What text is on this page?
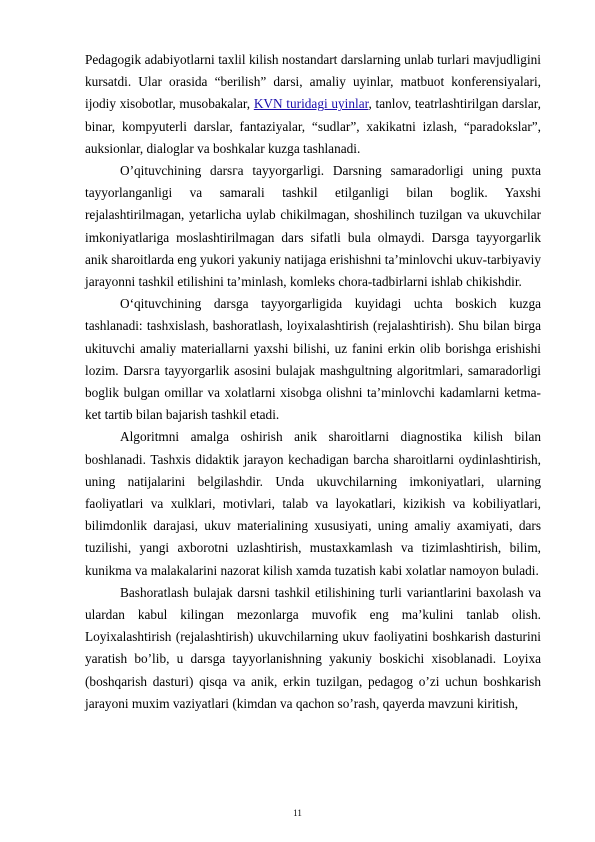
Pedagogik adabiyotlarni taxlil kilish nostandart darslarning unlab turlari mavjudligini kursatdi. Ular orasida “berilish” darsi, amaliy uyinlar, matbuot konferensiyalari, ijodiy xisobotlar, musobakalar, KVN turidagi uyinlar, tanlov, teatrlashtirilgan darslar, binar, kompyuterli darslar, fantaziyalar, “sudlar”, xakikatni izlash, “paradokslar”, auksionlar, dialoglar va boshkalar kuzga tashlanadi.

O’qituvchining darsгa tayyorgarligi. Darsning samaradorligi uning puxta tayyorlanganligi va samarali tashkil etilganligi bilan boglik. Yaxshi rejalashtirilmagan, yetarlicha uylab chikilmagan, shoshilinch tuzilgan va ukuvchilar imkoniyatlariga moslashtirilmagan dars sifatli bula olmaydi. Darsga tayyorgarlik anik sharoitlarda eng yukori yakuniy natijaga erishishni ta’minlovchi ukuv-tarbiyaviy jarayonni tashkil etilishini ta’minlash, komleks chora-tadbirlarni ishlab chikishdir.

O‘qituvchining darsga tayyorgarligida kuyidagi uchta boskich kuzga tashlanadi: tashxislash, bashoratlash, loyixalashtirish (rejalashtirish). Shu bilan birga ukituvchi amaliy materiallarni yaxshi bilishi, uz fanini erkin olib borishga erishishi lozim. Darsгa tayyorgarlik asosini bulajak mashgultning algoritmlari, samaradorligi boglik bulgan omillar va xolatlarni xisobga olishni ta’minlovchi kadamlarni ketma-ket tartib bilan bajarish tashkil etadi.

Algoritmni amalga oshirish anik sharoitlarni diagnostika kilish bilan boshlanadi. Tashxis didaktik jarayon kechadigan barcha sharoitlarni oydinlashtirish, uning natijalarini belgilashdir. Unda ukuvchilarning imkoniyatlari, ularning faoliyatlari va xulklari, motivlari, talab va layokatlari, kizikish va kobiliyatlari, bilimdonlik darajasi, ukuv materialining xususiyati, uning amaliy axamiyati, dars tuzilishi, yangi axborotni uzlashtirish, mustaxkamlash va tizimlashtirish, bilim, kunikma va malakalarini nazorat kilish xamda tuzatish kabi xolatlar namoyon buladi.

Bashoratlash bulajak darsni tashkil etilishining turli variantlarini baxolash va ulardan kabul kilingan mezonlarga muvofik eng ma’kulini tanlab olish. Loyixalashtirish (rejalashtirish) ukuvchilarning ukuv faoliyatini boshkarish dasturini yaratish bo’lib, u darsga tayyorlanishning yakuniy boskichi xisoblanadi. Loyixa (boshqarish dasturi) qisqa va anik, erkin tuzilgan, pedagog o’zi uchun boshkarish jarayoni muxim vaziyatlari (kimdan va qachon so’rash, qayerda mavzuni kiritish,

11
